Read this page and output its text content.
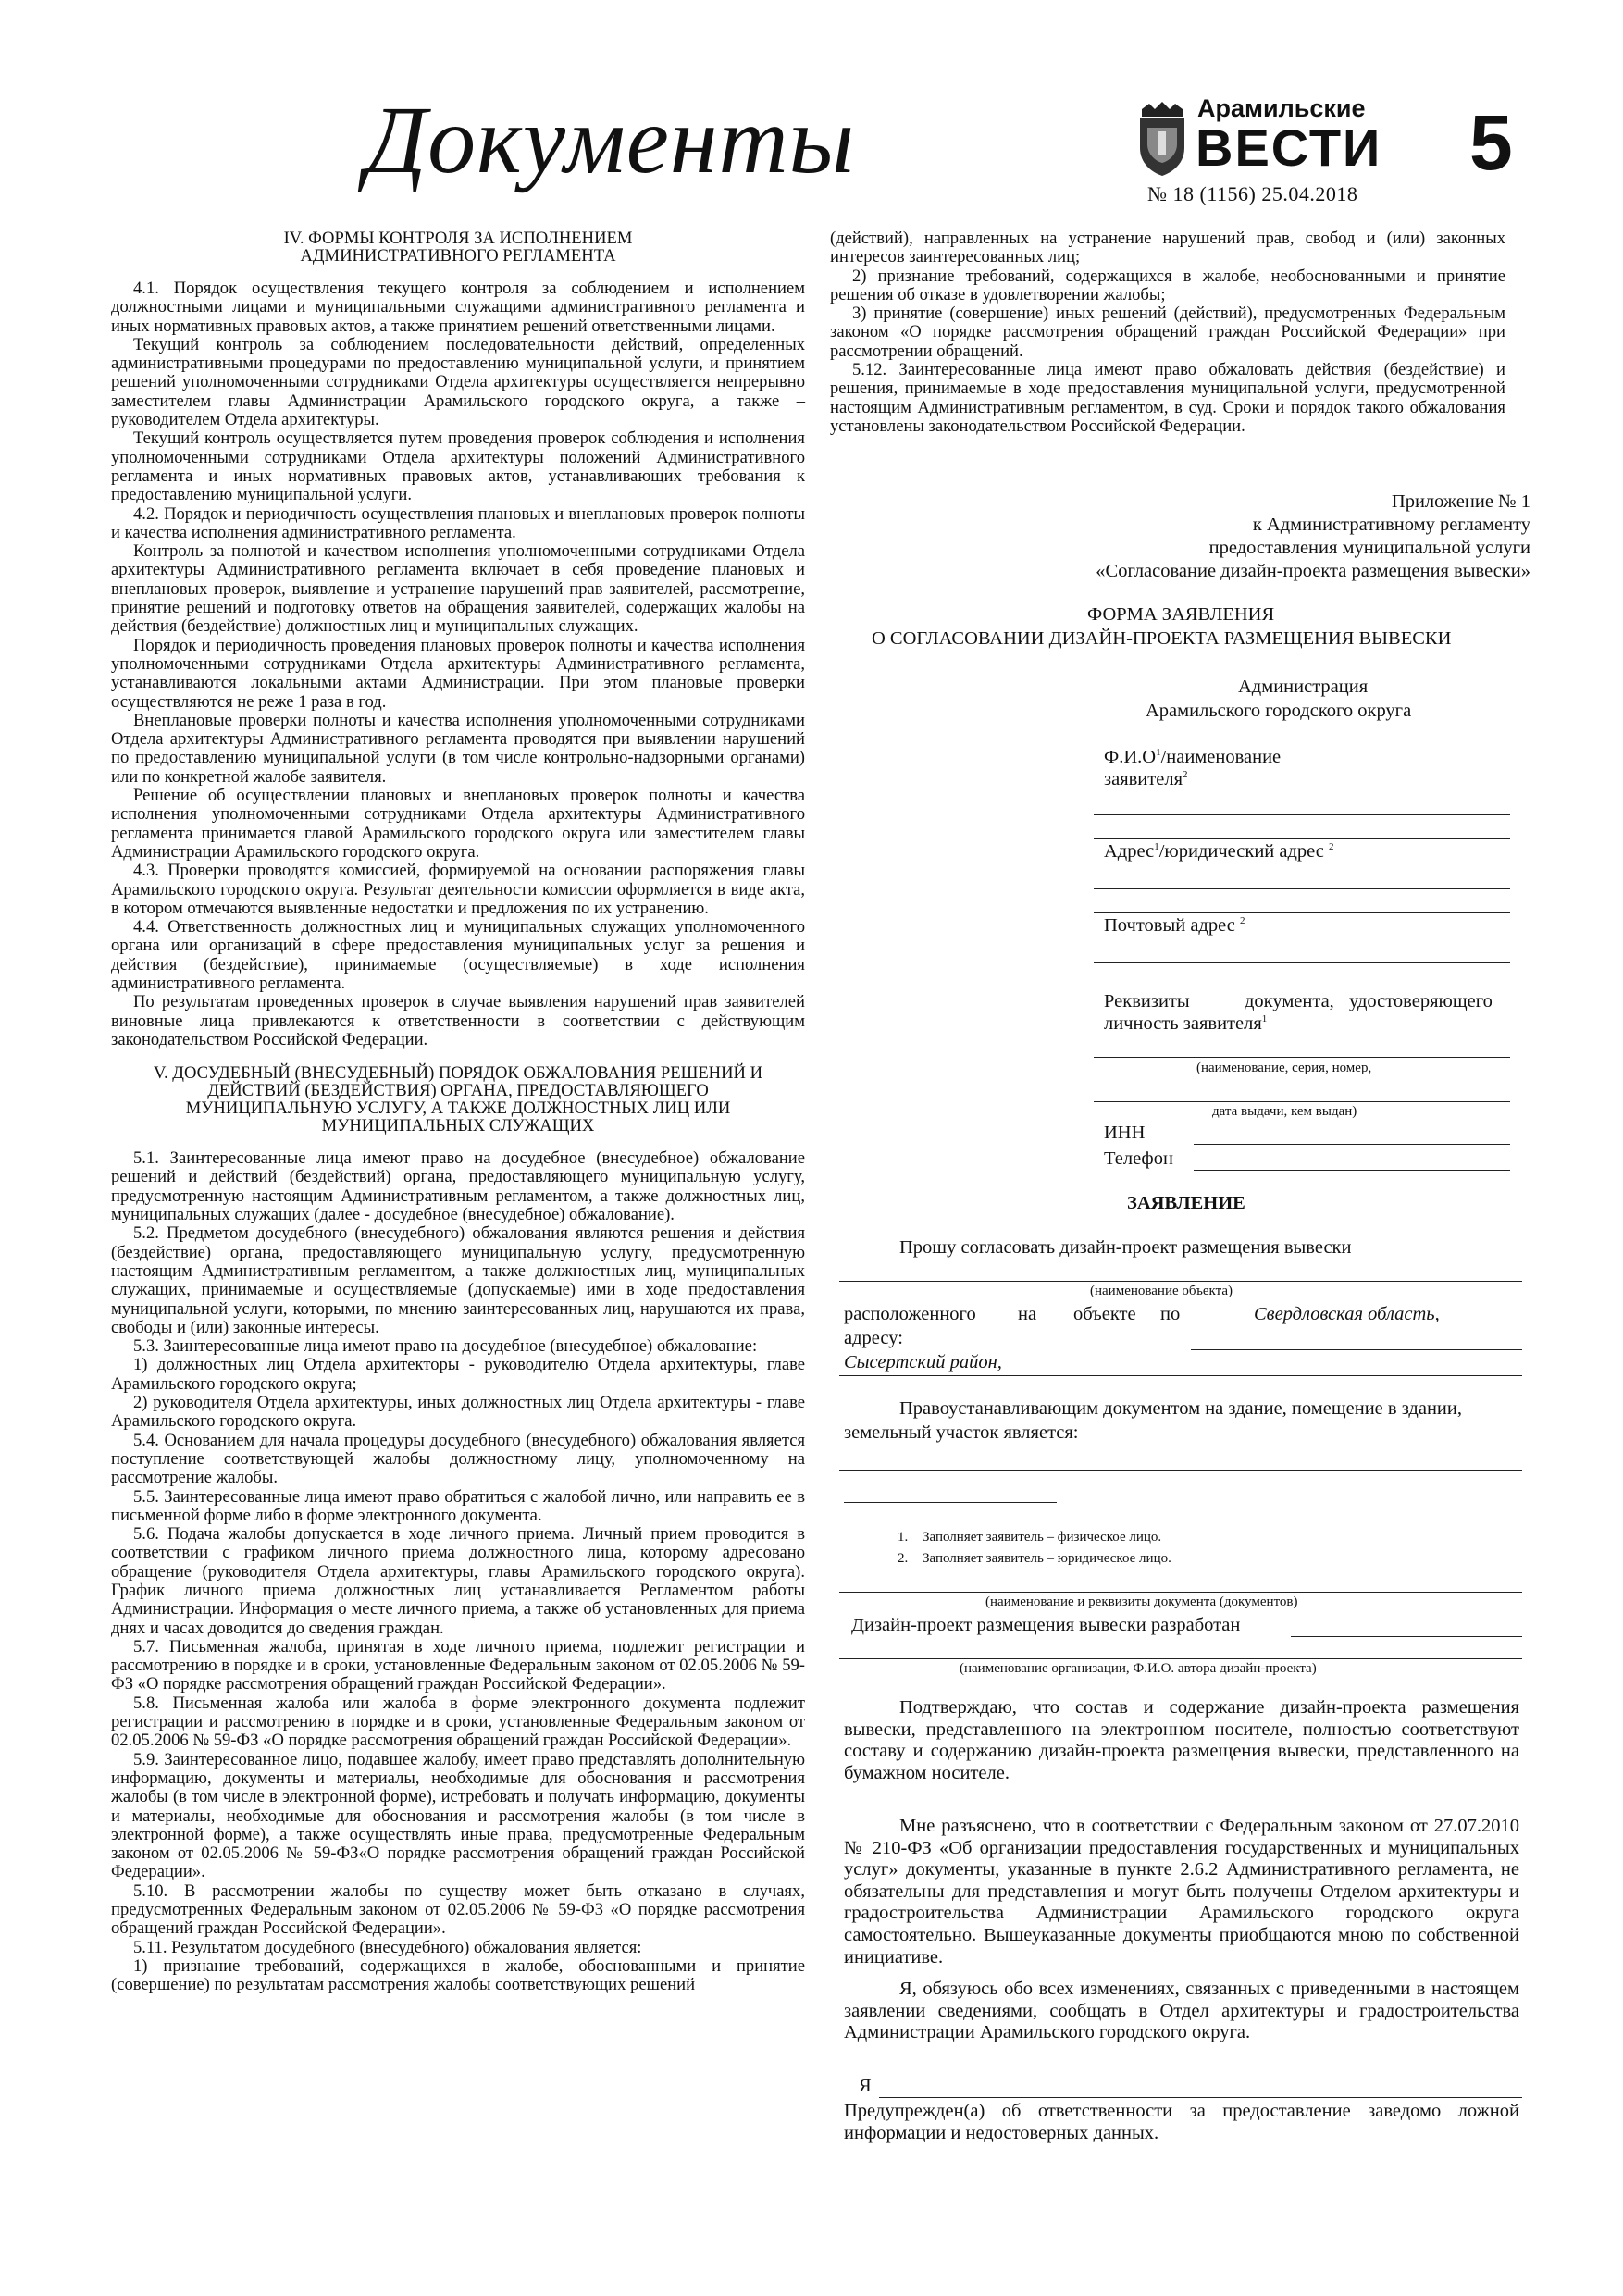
Документы	Арамильские
ВЕСТИ
№ 18 (1156) 25.04.2018
5
IV. ФОРМЫ КОНТРОЛЯ ЗА ИСПОЛНЕНИЕМ АДМИНИСТРАТИВНОГО РЕГЛАМЕНТА

4.1. Порядок осуществления текущего контроля за соблюдением и исполнением должностными лицами и муниципальными служащими административного регламента и иных нормативных правовых актов, а также принятием решений ответственными лицами.

Текущий контроль за соблюдением последовательности действий, определенных административными процедурами по предоставлению муниципальной услуги, и принятием решений уполномоченными сотрудниками Отдела архитектуры осуществляется непрерывно заместителем главы Администрации Арамильского городского округа, а также – руководителем Отдела архитектуры.

Текущий контроль осуществляется путем проведения проверок соблюдения и исполнения уполномоченными сотрудниками Отдела архитектуры положений Административного регламента и иных нормативных правовых актов, устанавливающих требования к предоставлению муниципальной услуги.

4.2. Порядок и периодичность осуществления плановых и внеплановых проверок полноты и качества исполнения административного регламента.

Контроль за полнотой и качеством исполнения уполномоченными сотрудниками Отдела архитектуры Административного регламента включает в себя проведение плановых и внеплановых проверок, выявление и устранение нарушений прав заявителей, рассмотрение, принятие решений и подготовку ответов на обращения заявителей, содержащих жалобы на действия (бездействие) должностных лиц и муниципальных служащих.

Порядок и периодичность проведения плановых проверок полноты и качества исполнения уполномоченными сотрудниками Отдела архитектуры Административного регламента, устанавливаются локальными актами Администрации. При этом плановые проверки осуществляются не реже 1 раза в год.

Внеплановые проверки полноты и качества исполнения уполномоченными сотрудниками Отдела архитектуры Административного регламента проводятся при выявлении нарушений по предоставлению муниципальной услуги (в том числе контрольно-надзорными органами) или по конкретной жалобе заявителя.

Решение об осуществлении плановых и внеплановых проверок полноты и качества исполнения уполномоченными сотрудниками Отдела архитектуры Административного регламента принимается главой Арамильского городского округа или заместителем главы Администрации Арамильского городского округа.

4.3. Проверки проводятся комиссией, формируемой на основании распоряжения главы Арамильского городского округа. Результат деятельности комиссии оформляется в виде акта, в котором отмечаются выявленные недостатки и предложения по их устранению.

4.4. Ответственность должностных лиц и муниципальных служащих уполномоченного органа или организаций в сфере предоставления муниципальных услуг за решения и действия (бездействие), принимаемые (осуществляемые) в ходе исполнения административного регламента.

По результатам проведенных проверок в случае выявления нарушений прав заявителей виновные лица привлекаются к ответственности в соответствии с действующим законодательством Российской Федерации.

V. ДОСУДЕБНЫЙ (ВНЕСУДЕБНЫЙ) ПОРЯДОК ОБЖАЛОВАНИЯ РЕШЕНИЙ И ДЕЙСТВИЙ (БЕЗДЕЙСТВИЯ) ОРГАНА, ПРЕДОСТАВЛЯЮЩЕГО МУНИЦИПАЛЬНУЮ УСЛУГУ, А ТАКЖЕ ДОЛЖНОСТНЫХ ЛИЦ ИЛИ МУНИЦИПАЛЬНЫХ СЛУЖАЩИХ

5.1. Заинтересованные лица имеют право на досудебное (внесудебное) обжалование решений и действий (бездействий) органа, предоставляющего муниципальную услугу, предусмотренную настоящим Административным регламентом, а также должностных лиц, муниципальных служащих (далее - досудебное (внесудебное) обжалование).

5.2. Предметом досудебного (внесудебного) обжалования являются решения и действия (бездействие) органа, предоставляющего муниципальную услугу, предусмотренную настоящим Административным регламентом, а также должностных лиц, муниципальных служащих, принимаемые и осуществляемые (допускаемые) ими в ходе предоставления муниципальной услуги, которыми, по мнению заинтересованных лиц, нарушаются их права, свободы и (или) законные интересы.

5.3. Заинтересованные лица имеют право на досудебное (внесудебное) обжалование:

1) должностных лиц Отдела архитекторы - руководителю Отдела архитектуры, главе Арамильского городского округа;

2) руководителя Отдела архитектуры, иных должностных лиц Отдела архитектуры - главе Арамильского городского округа.

5.4. Основанием для начала процедуры досудебного (внесудебного) обжалования является поступление соответствующей жалобы должностному лицу, уполномоченному на рассмотрение жалобы.

5.5. Заинтересованные лица имеют право обратиться с жалобой лично, или направить ее в письменной форме либо в форме электронного документа.

5.6. Подача жалобы допускается в ходе личного приема. Личный прием проводится в соответствии с графиком личного приема должностного лица, которому адресовано обращение (руководителя Отдела архитектуры, главы Арамильского городского округа). График личного приема должностных лиц устанавливается Регламентом работы Администрации. Информация о месте личного приема, а также об установленных для приема днях и часах доводится до сведения граждан.

5.7. Письменная жалоба, принятая в ходе личного приема, подлежит регистрации и рассмотрению в порядке и в сроки, установленные Федеральным законом от 02.05.2006 № 59-ФЗ «О порядке рассмотрения обращений граждан Российской Федерации».

5.8. Письменная жалоба или жалоба в форме электронного документа подлежит регистрации и рассмотрению в порядке и в сроки, установленные Федеральным законом от 02.05.2006 № 59-ФЗ «О порядке рассмотрения обращений граждан Российской Федерации».

5.9. Заинтересованное лицо, подавшее жалобу, имеет право представлять дополнительную информацию, документы и материалы, необходимые для обоснования и рассмотрения жалобы (в том числе в электронной форме), истребовать и получать информацию, документы и материалы, необходимые для обоснования и рассмотрения жалобы (в том числе в электронной форме), а также осуществлять иные права, предусмотренные Федеральным законом от 02.05.2006 № 59-ФЗ«О порядке рассмотрения обращений граждан Российской Федерации».

5.10. В рассмотрении жалобы по существу может быть отказано в случаях, предусмотренных Федеральным законом от 02.05.2006 № 59-ФЗ «О порядке рассмотрения обращений граждан Российской Федерации».

5.11. Результатом досудебного (внесудебного) обжалования является:

1) признание требований, содержащихся в жалобе, обоснованными и принятие (совершение) по результатам рассмотрения жалобы соответствующих решений

(действий), направленных на устранение нарушений прав, свобод и (или) законных интересов заинтересованных лиц;

2) признание требований, содержащихся в жалобе, необоснованными и принятие решения об отказе в удовлетворении жалобы;

3) принятие (совершение) иных решений (действий), предусмотренных Федеральным законом «О порядке рассмотрения обращений граждан Российской Федерации» при рассмотрении обращений.

5.12. Заинтересованные лица имеют право обжаловать действия (бездействие) и решения, принимаемые в ходе предоставления муниципальной услуги, предусмотренной настоящим Административным регламентом, в суд. Сроки и порядок такого обжалования установлены законодательством Российской Федерации.

Приложение № 1
к Административному регламенту
предоставления муниципальной услуги
«Согласование дизайн-проекта размещения вывески»
ФОРМА ЗАЯВЛЕНИЯ
О СОГЛАСОВАНИИ ДИЗАЙН-ПРОЕКТА РАЗМЕЩЕНИЯ ВЫВЕСКИ
Администрация
Арамильского городского округа
$Ф.И.О^1$/наименование
заявителя$^2$
Адрес$^1$/юридический адрес $^2$
Почтовый адрес $^2$
Реквизиты	документа, удостоверяющего
личность заявителя$^1$
(наименование, серия, номер,
дата выдачи, кем выдан)
ИНН
Телефон
ЗАЯВЛЕНИЕ
Прошу согласовать дизайн-проект размещения вывески
(наименование объекта)
расположенного на объекте по	Свердловская область,
адресу:
Сысертский район,
Правоустанавливающим документом на здание, помещение в здании,
земельный участок является:
1. Заполняет заявитель – физическое лицо.
2. Заполняет заявитель – юридическое лицо.
(наименование и реквизиты документа (документов)
Дизайн-проект размещения вывески разработан
(наименование организации, Ф.И.О. автора дизайн-проекта)
Подтверждаю, что состав и содержание дизайн-проекта размещения вывески, представленного на электронном носителе, полностью соответствуют составу и содержанию дизайн-проекта размещения вывески, представленного на бумажном носителе.
Мне разъяснено, что в соответствии с Федеральным законом от 27.07.2010 № 210-ФЗ «Об организации предоставления государственных и муниципальных услуг» документы, указанные в пункте 2.6.2 Административного регламента, не обязательны для представления и могут быть получены Отделом архитектуры и градостроительства Администрации Арамильского городского округа самостоятельно. Вышеуказанные документы приобщаются мною по собственной инициативе.
Я, обязуюсь обо всех изменениях, связанных с приведенными в настоящем заявлении сведениями, сообщать в Отдел архитектуры и градостроительства Администрации Арамильского городского округа.
Я
Предупрежден(а) об ответственности за предоставление заведомо ложной информации и недостоверных данных.
